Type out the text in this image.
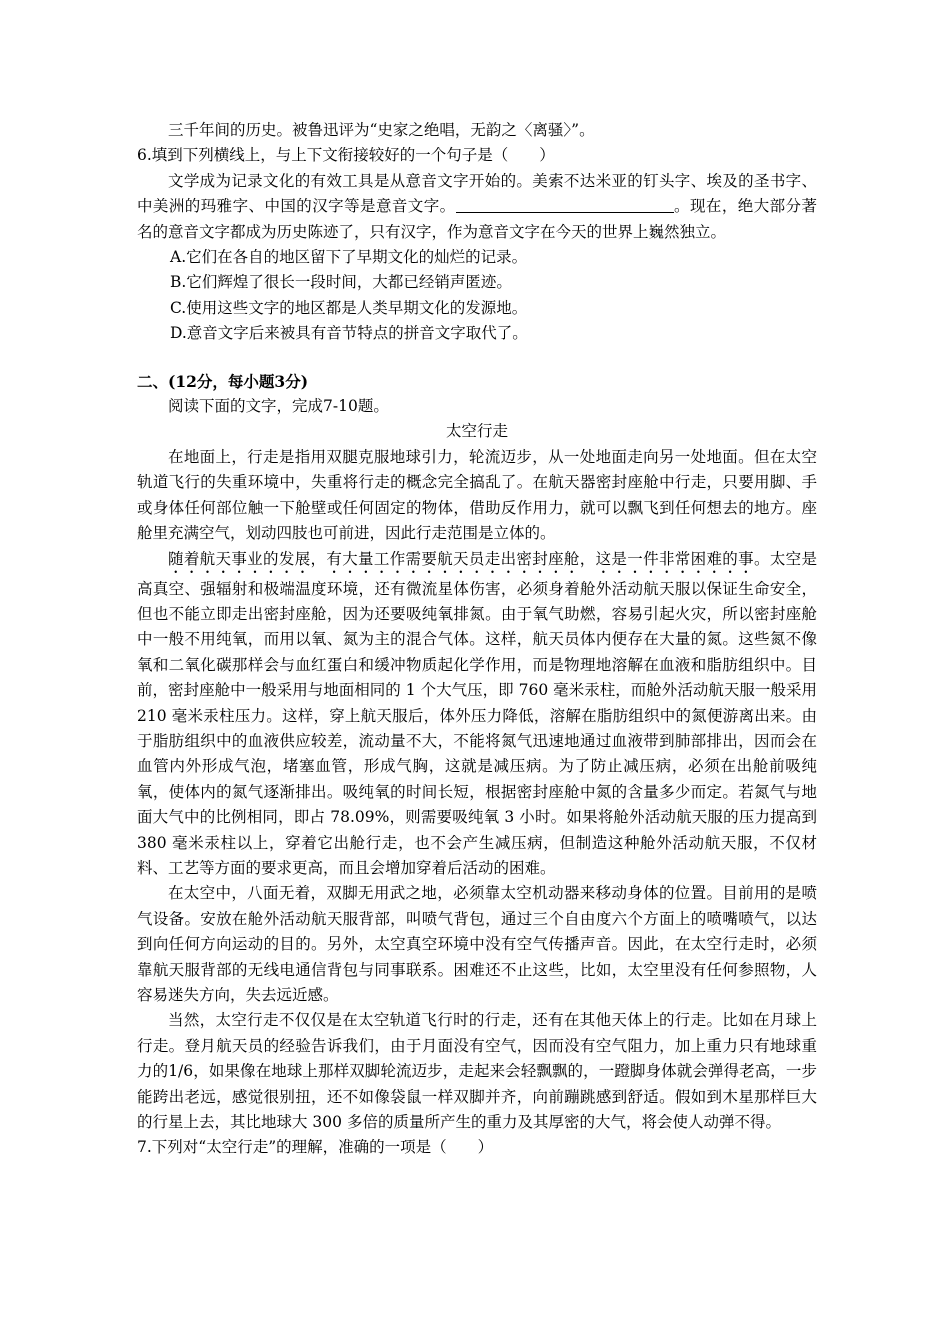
三千年间的历史。被鲁迅评为“史家之绝唱，无韵之〈离骚〉”。

6.填到下列横线上，与上下文衔接较好的一个句子是（　　）

文学成为记录文化的有效工具是从意音文字开始的。美索不达米亚的钉头字、埃及的圣书字、中美洲的玛雅字、中国的汉字等是意音文字。	。现在，绝大部分著名的意音文字都成为历史陈迹了，只有汉字，作为意音文字在今天的世界上巍然独立。

A.它们在各自的地区留下了早期文化的灿烂的记录。

B.它们辉煌了很长一段时间，大都已经销声匿迹。

C.使用这些文字的地区都是人类早期文化的发源地。

D.意音文字后来被具有音节特点的拼音文字取代了。

二、(12分，每小题3分)

阅读下面的文字，完成7-10题。

太空行走

在地面上，行走是指用双腿克服地球引力，轮流迈步，从一处地面走向另一处地面。但在太空轨道飞行的失重环境中，失重将行走的概念完全搞乱了。在航天器密封座舱中行走，只要用脚、手或身体任何部位触一下舱壁或任何固定的物体，借助反作用力，就可以飘飞到任何想去的地方。座舱里充满空气，划动四肢也可前进，因此行走范围是立体的。

随着航天事业的发展，有大量工作需要航天员走出密封座舱，这是一件非常困难的事。太空是高真空、强辐射和极端温度环境，还有微流星体伤害，必须身着舱外活动航天服以保证生命安全，但也不能立即走出密封座舱，因为还要吸纯氧排氮。由于氧气助燃，容易引起火灾，所以密封座舱中一般不用纯氧，而用以氧、氮为主的混合气体。这样，航天员体内便存在大量的氮。这些氮不像氧和二氧化碳那样会与血红蛋白和缓冲物质起化学作用，而是物理地溶解在血液和脂肪组织中。目前，密封座舱中一般采用与地面相同的 1 个大气压，即 760 毫米汞柱，而舱外活动航天服一般采用 210 毫米汞柱压力。这样，穿上航天服后，体外压力降低，溶解在脂肪组织中的氮便游离出来。由于脂肪组织中的血液供应较差，流动量不大，不能将氮气迅速地通过血液带到肺部排出，因而会在血管内外形成气泡，堵塞血管，形成气胸，这就是减压病。为了防止减压病，必须在出舱前吸纯氧，使体内的氮气逐渐排出。吸纯氧的时间长短，根据密封座舱中氮的含量多少而定。若氮气与地面大气中的比例相同，即占 78.09%，则需要吸纯氧 3 小时。如果将舱外活动航天服的压力提高到 380 毫米汞柱以上，穿着它出舱行走，也不会产生减压病，但制造这种舱外活动航天服，不仅材料、工艺等方面的要求更高，而且会增加穿着后活动的困难。

在太空中，八面无着，双脚无用武之地，必须靠太空机动器来移动身体的位置。目前用的是喷气设备。安放在舱外活动航天服背部，叫喷气背包，通过三个自由度六个方面上的喷嘴喷气，以达到向任何方向运动的目的。另外，太空真空环境中没有空气传播声音。因此，在太空行走时，必须靠航天服背部的无线电通信背包与同事联系。困难还不止这些，比如，太空里没有任何参照物，人容易迷失方向，失去远近感。

当然，太空行走不仅仅是在太空轨道飞行时的行走，还有在其他天体上的行走。比如在月球上行走。登月航天员的经验告诉我们，由于月面没有空气，因而没有空气阻力，加上重力只有地球重力的1/6，如果像在地球上那样双脚轮流迈步，走起来会轻飘飘的，一蹬脚身体就会弹得老高，一步能跨出老远，感觉很别扭，还不如像袋鼠一样双脚并齐，向前蹦跳感到舒适。假如到木星那样巨大的行星上去，其比地球大 300 多倍的质量所产生的重力及其厚密的大气，将会使人动弹不得。

7.下列对“太空行走”的理解，准确的一项是（　　）
